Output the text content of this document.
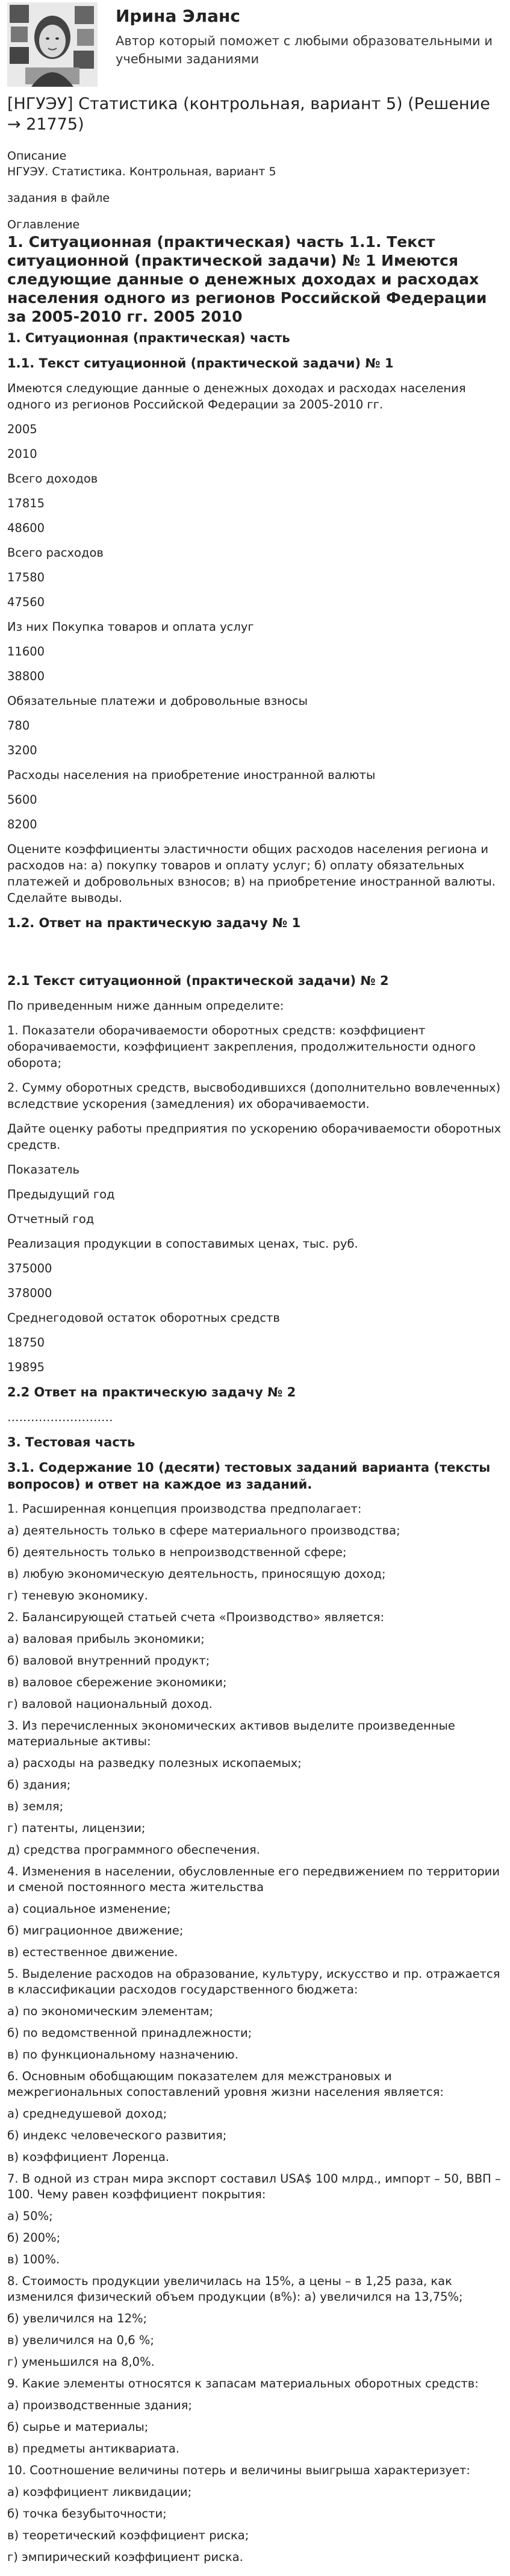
Ирина Эланс
Автор который поможет с любыми образовательными и учебными заданиями
[НГУЭУ] Статистика (контрольная, вариант 5) (Решение → 21775)
Описание
НГУЭУ. Статистика. Контрольная, вариант 5
задания в файле
Оглавление
1. Ситуационная (практическая) часть 1.1. Текст ситуационной (практической задачи) № 1 Имеются следующие данные о денежных доходах и расходах населения одного из регионов Российской Федерации за 2005-2010 гг. 2005 2010
1. Ситуационная (практическая) часть
1.1. Текст ситуационной (практической задачи) № 1

Имеются следующие данные о денежных доходах и расходах населения одного из регионов Российской Федерации за 2005-2010 гг.

2005

2010

Всего доходов

17815

48600

Всего расходов

17580

47560

Из них Покупка товаров и оплата услуг

11600

38800

Обязательные платежи и добровольные взносы

780

3200

Расходы населения на приобретение иностранной валюты

5600

8200

Оцените коэффициенты эластичности общих расходов населения региона и расходов на: а) покупку товаров и оплату услуг; б) оплату обязательных платежей и добровольных взносов; в) на приобретение иностранной валюты. Сделайте выводы.

1.2. Ответ на практическую задачу № 1
2.1 Текст ситуационной (практической задачи) № 2

По приведенным ниже данным определите:

1. Показатели оборачиваемости оборотных средств: коэффициент оборачиваемости, коэффициент закрепления, продолжительности одного оборота;

2. Сумму оборотных средств, высвободившихся (дополнительно вовлеченных) вследствие ускорения (замедления) их оборачиваемости.

Дайте оценку работы предприятия по ускорению оборачиваемости оборотных средств.

Показатель

Предыдущий год

Отчетный год

Реализация продукции в сопоставимых ценах, тыс. руб.

375000

378000

Среднегодовой остаток оборотных средств

18750

19895

2.2 Ответ на практическую задачу № 2

………………………

3. Тестовая часть
3.1. Содержание 10 (десяти) тестовых заданий варианта (тексты вопросов) и ответ на каждое из заданий.

1. Расширенная концепция производства предполагает:

а) деятельность только в сфере материального производства;

б) деятельность только в непроизводственной сфере;

в) любую экономическую деятельность, приносящую доход;

г) теневую экономику.

2. Балансирующей статьей счета «Производство» является:

а) валовая прибыль экономики;

б) валовой внутренний продукт;

в) валовое сбережение экономики;

г) валовой национальный доход.

3. Из перечисленных экономических активов выделите произведенные материальные активы:

а) расходы на разведку полезных ископаемых;

б) здания;

в) земля;

г) патенты, лицензии;

д) средства программного обеспечения.

4. Изменения в населении, обусловленные его передвижением по территории и сменой постоянного места жительства

а) социальное изменение;

б) миграционное движение;

в) естественное движение.

5. Выделение расходов на образование, культуру, искусство и пр. отражается в классификации расходов государственного бюджета:

а) по экономическим элементам;

б) по ведомственной принадлежности;

в) по функциональному назначению.

6. Основным обобщающим показателем для межстрановых и межрегиональных сопоставлений уровня жизни населения является:

а) среднедушевой доход;

б) индекс человеческого развития;

в) коэффициент Лоренца.

7. В одной из стран мира экспорт составил USA$ 100 млрд., импорт – 50, ВВП – 100. Чему равен коэффициент покрытия:

а) 50%;

б) 200%;

в) 100%.

8. Стоимость продукции увеличилась на 15%, а цены – в 1,25 раза, как изменился физический объем продукции (в%): а) увеличился на 13,75%;

б) увеличился на 12%;

в) увеличился на 0,6 %;

г) уменьшился на 8,0%.

9. Какие элементы относятся к запасам материальных оборотных средств:

а) производственные здания;

б) сырье и материалы;

в) предметы антиквариата.

10. Соотношение величины потерь и величины выигрыша характеризует:

а) коэффициент ликвидации;

б) точка безубыточности;

в) теоретический коэффициент риска;

г) эмпирический коэффициент риска.
